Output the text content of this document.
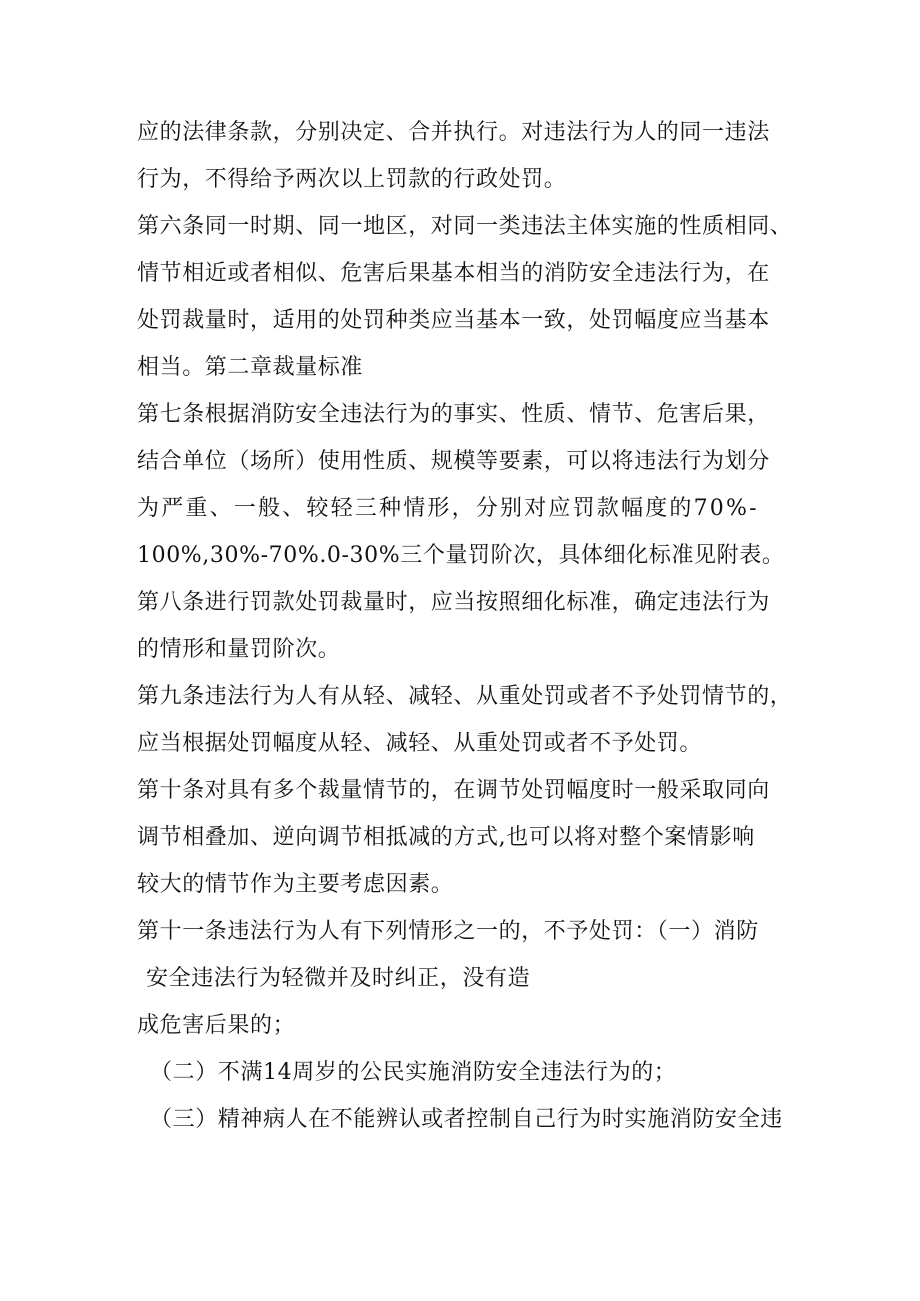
应的法律条款，分别决定、合并执行。对违法行为人的同一违法
行为，不得给予两次以上罚款的行政处罚。
第六条同一时期、同一地区，对同一类违法主体实施的性质相同、
情节相近或者相似、危害后果基本相当的消防安全违法行为，在
处罚裁量时，适用的处罚种类应当基本一致，处罚幅度应当基本
相当。第二章裁量标准
第七条根据消防安全违法行为的事实、性质、情节、危害后果，
结合单位（场所）使用性质、规模等要素，可以将违法行为划分
为严重、一般、较轻三种情形，分别对应罚款幅度的70%-
100%,30%-70%.0-30%三个量罚阶次，具体细化标准见附表。
第八条进行罚款处罚裁量时，应当按照细化标准，确定违法行为
的情形和量罚阶次。
第九条违法行为人有从轻、减轻、从重处罚或者不予处罚情节的，
应当根据处罚幅度从轻、减轻、从重处罚或者不予处罚。
第十条对具有多个裁量情节的，在调节处罚幅度时一般采取同向
调节相叠加、逆向调节相抵减的方式,也可以将对整个案情影响
较大的情节作为主要考虑因素。
第十一条违法行为人有下列情形之一的，不予处罚：（一）消防
安全违法行为轻微并及时纠正，没有造
成危害后果的；
（二）不满14周岁的公民实施消防安全违法行为的；
（三）精神病人在不能辨认或者控制自己行为时实施消防安全违
